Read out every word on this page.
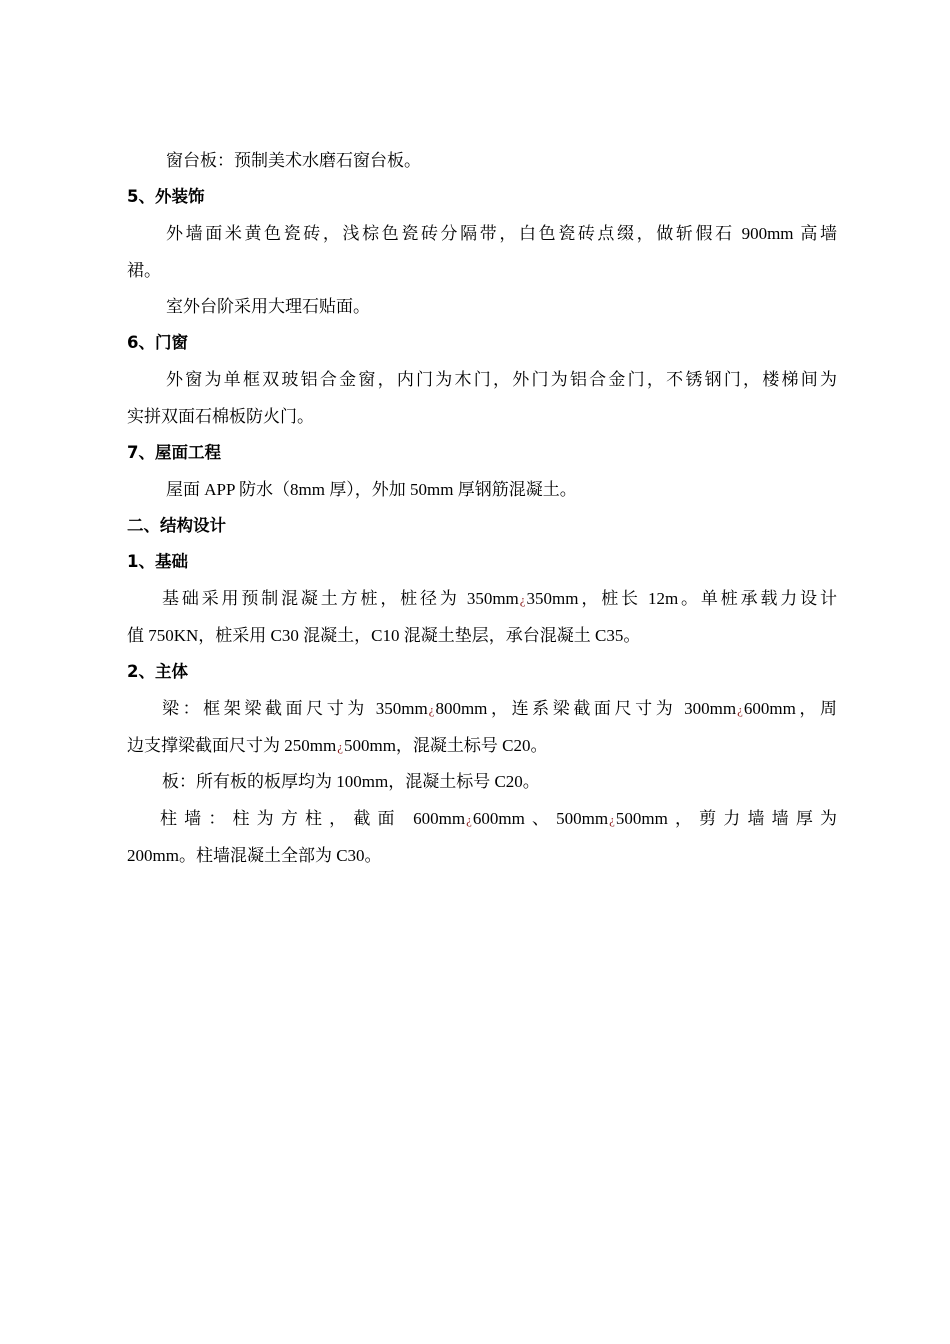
窗台板：预制美术水磨石窗台板。
5、外装饰
外墙面米黄色瓷砖，浅棕色瓷砖分隔带，白色瓷砖点缀，做斩假石 900mm 高墙
裙。
室外台阶采用大理石贴面。
6、门窗
外窗为单框双玻铝合金窗，内门为木门，外门为铝合金门，不锈钢门，楼梯间为
实拼双面石棉板防火门。
7、屋面工程
屋面 APP 防水（8mm 厚），外加 50mm 厚钢筋混凝土。
二、结构设计
1、基础
基础采用预制混凝土方桩，桩径为 350mm¿350mm，桩长 12m。单桩承载力设计
值 750KN，桩采用 C30 混凝土，C10 混凝土垫层，承台混凝土 C35。
2、主体
梁：框架梁截面尺寸为 350mm¿800mm，连系梁截面尺寸为 300mm¿600mm，周
边支撑梁截面尺寸为 250mm¿500mm，混凝土标号 C20。
板：所有板的板厚均为 100mm，混凝土标号 C20。
柱墙：柱为方柱，截面 600mm¿600mm、500mm¿500mm，剪力墙墙厚为
200mm。柱墙混凝土全部为 C30。
